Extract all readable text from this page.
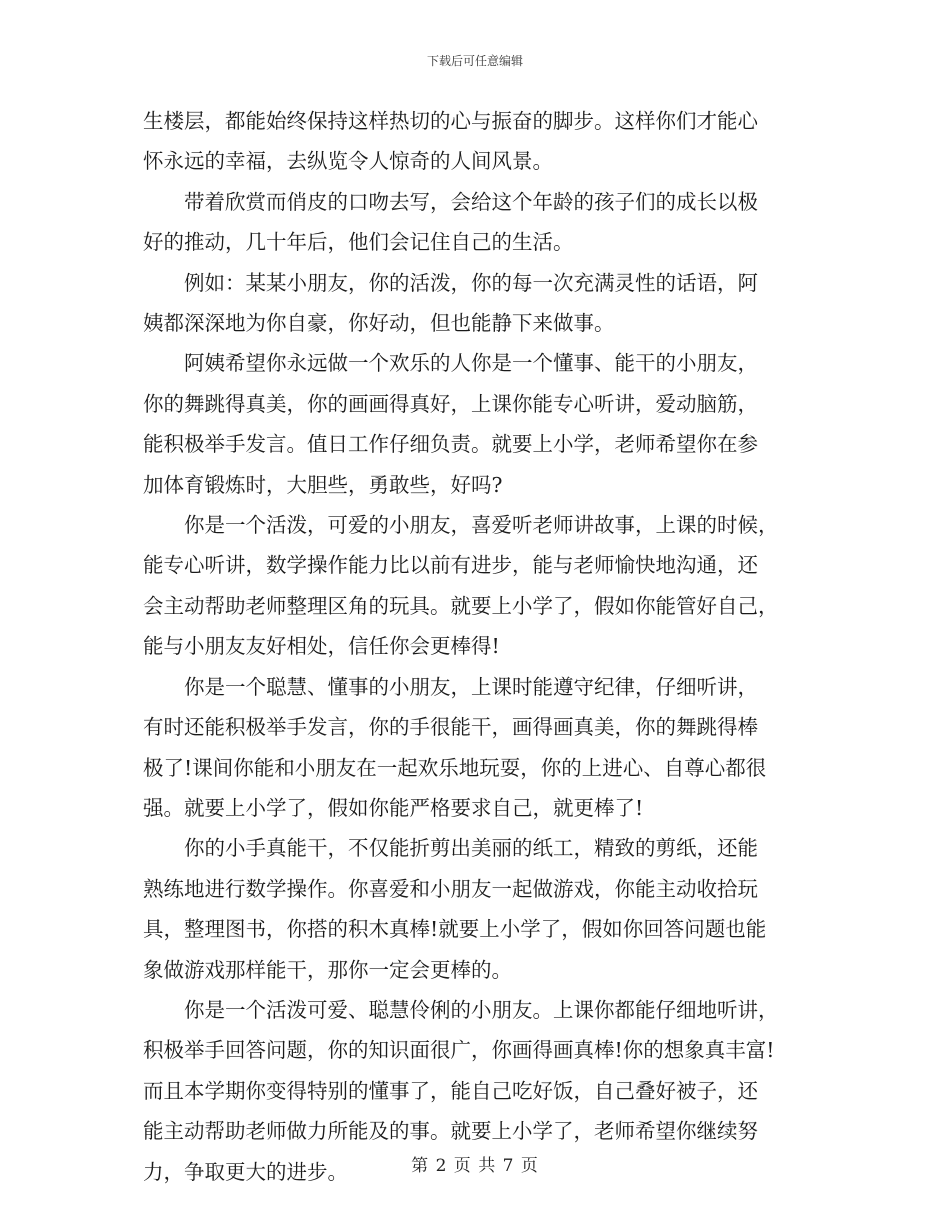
下载后可任意编辑

生楼层，都能始终保持这样热切的心与振奋的脚步。这样你们才能心
怀永远的幸福，去纵览令人惊奇的人间风景。

　　带着欣赏而俏皮的口吻去写，会给这个年龄的孩子们的成长以极
好的推动，几十年后，他们会记住自己的生活。

　　例如：某某小朋友，你的活泼，你的每一次充满灵性的话语，阿
姨都深深地为你自豪，你好动，但也能静下来做事。

　　阿姨希望你永远做一个欢乐的人你是一个懂事、能干的小朋友，
你的舞跳得真美，你的画画得真好，上课你能专心听讲，爱动脑筋，
能积极举手发言。值日工作仔细负责。就要上小学，老师希望你在参
加体育锻炼时，大胆些，勇敢些，好吗?

　　你是一个活泼，可爱的小朋友，喜爱听老师讲故事，上课的时候，
能专心听讲，数学操作能力比以前有进步，能与老师愉快地沟通，还
会主动帮助老师整理区角的玩具。就要上小学了，假如你能管好自己，
能与小朋友友好相处，信任你会更棒得!

　　你是一个聪慧、懂事的小朋友，上课时能遵守纪律，仔细听讲，
有时还能积极举手发言，你的手很能干，画得画真美，你的舞跳得棒
极了!课间你能和小朋友在一起欢乐地玩耍，你的上进心、自尊心都很
强。就要上小学了，假如你能严格要求自己，就更棒了!

　　你的小手真能干，不仅能折剪出美丽的纸工，精致的剪纸，还能
熟练地进行数学操作。你喜爱和小朋友一起做游戏，你能主动收拾玩
具，整理图书，你搭的积木真棒!就要上小学了，假如你回答问题也能
象做游戏那样能干，那你一定会更棒的。

　　你是一个活泼可爱、聪慧伶俐的小朋友。上课你都能仔细地听讲，
积极举手回答问题，你的知识面很广，你画得画真棒!你的想象真丰富!
而且本学期你变得特别的懂事了，能自己吃好饭，自己叠好被子，还
能主动帮助老师做力所能及的事。就要上小学了，老师希望你继续努
力，争取更大的进步。	第 2 页 共 7 页
